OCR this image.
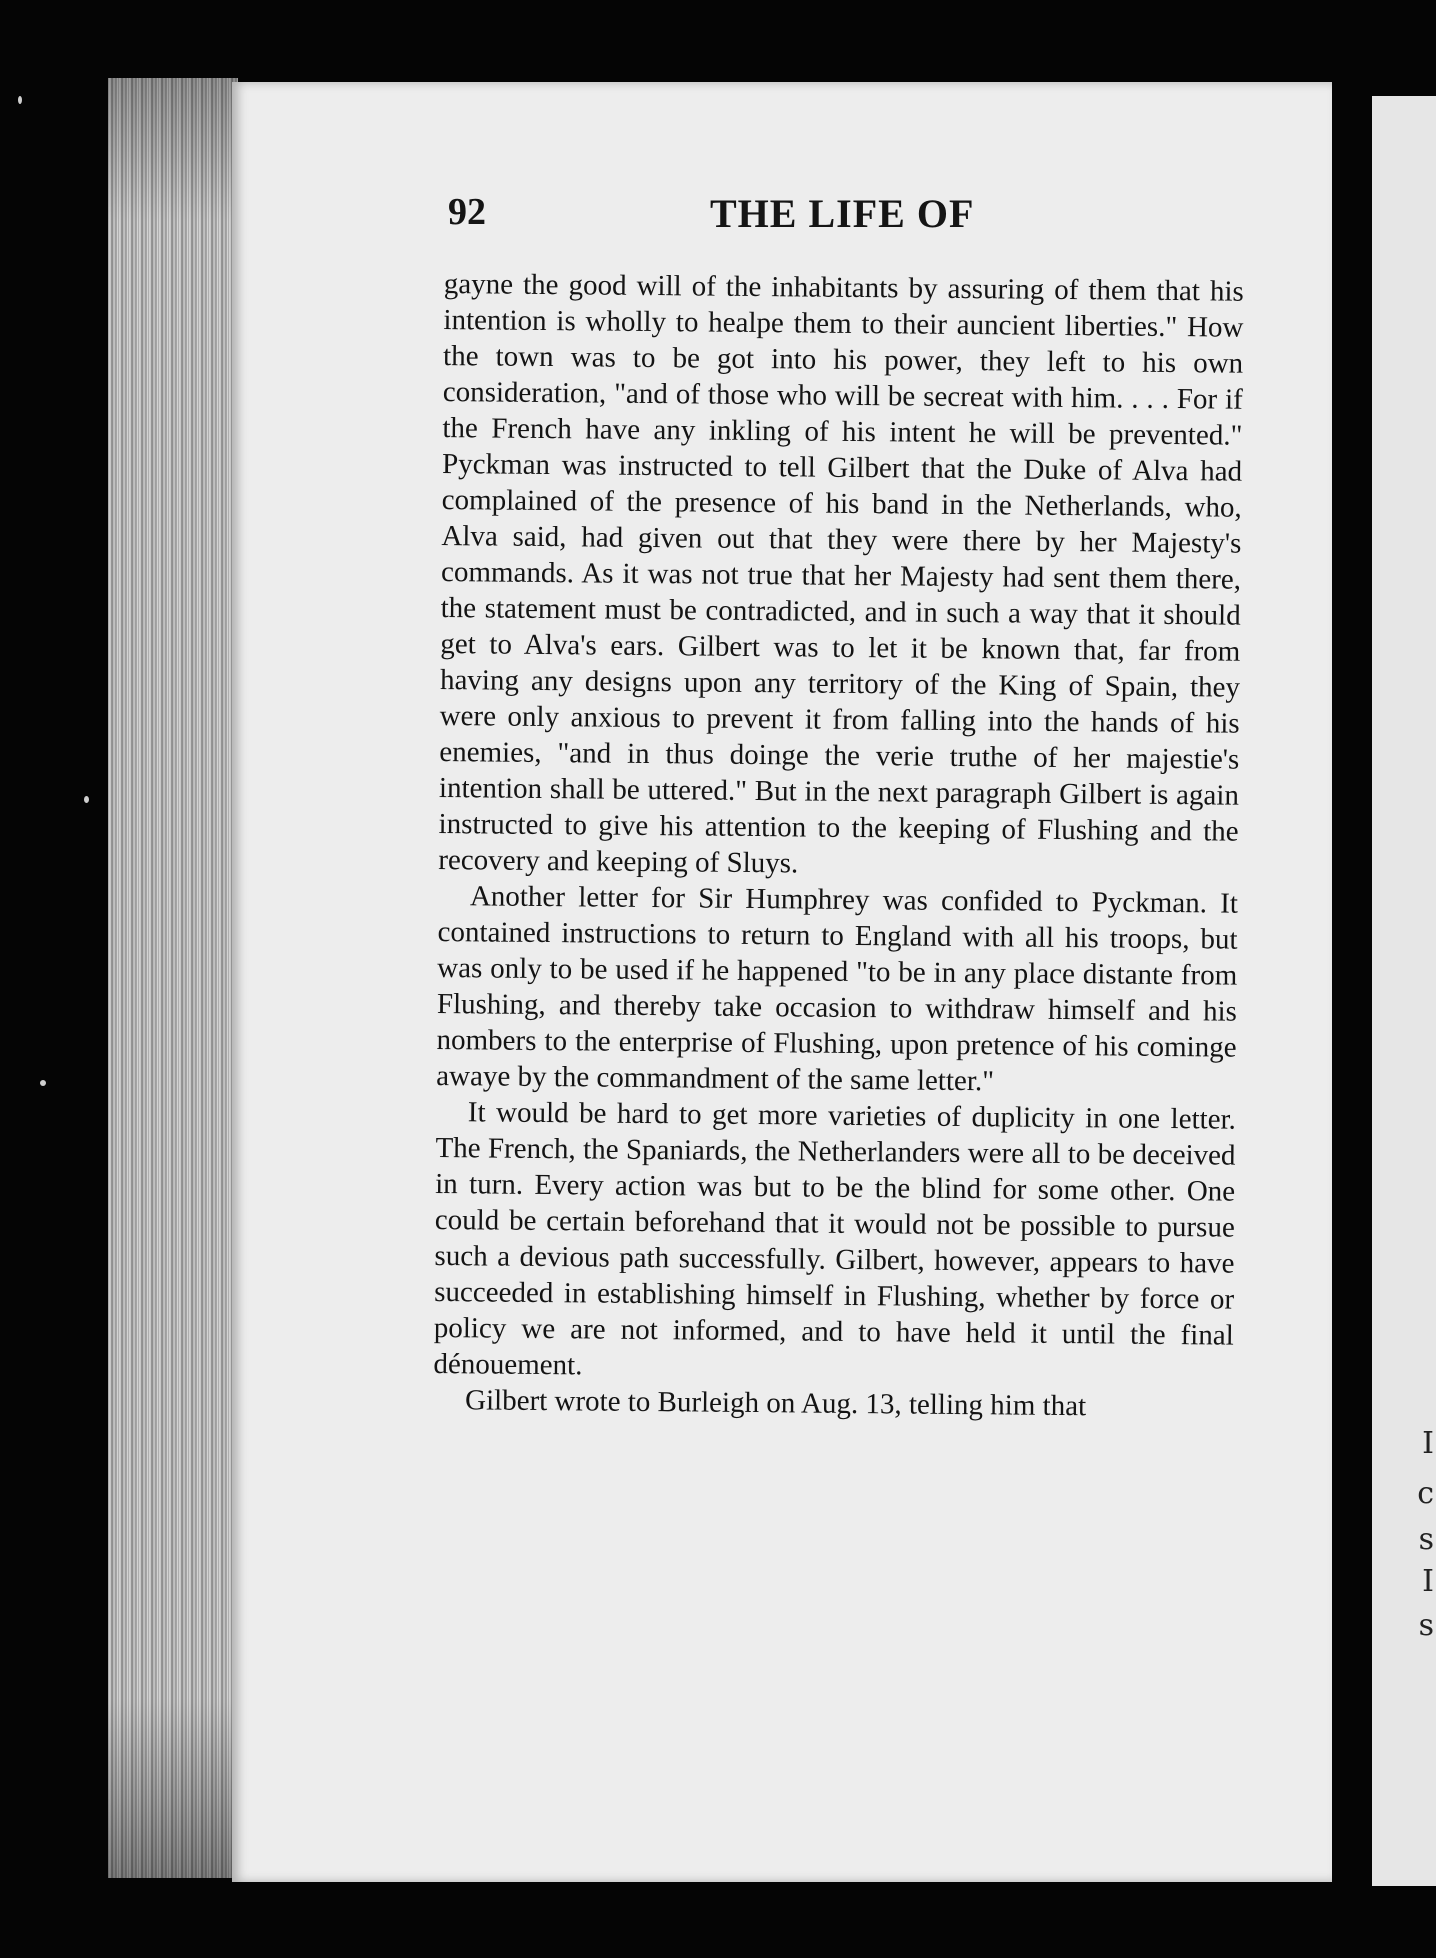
I
c
s
I
s
92	THE LIFE OF

gayne the good will of the inhabitants by assuring of them that his intention is wholly to healpe them to their auncient liberties." How the town was to be got into his power, they left to his own consideration, "and of those who will be secreat with him. . . . For if the French have any inkling of his intent he will be prevented." Pyckman was instructed to tell Gilbert that the Duke of Alva had complained of the presence of his band in the Netherlands, who, Alva said, had given out that they were there by her Majesty's commands. As it was not true that her Majesty had sent them there, the statement must be contradicted, and in such a way that it should get to Alva's ears. Gilbert was to let it be known that, far from having any designs upon any territory of the King of Spain, they were only anxious to prevent it from falling into the hands of his enemies, "and in thus doinge the verie truthe of her majestie's intention shall be uttered." But in the next paragraph Gilbert is again instructed to give his attention to the keeping of Flushing and the recovery and keeping of Sluys.

Another letter for Sir Humphrey was confided to Pyckman. It contained instructions to return to England with all his troops, but was only to be used if he happened "to be in any place distante from Flushing, and thereby take occasion to withdraw himself and his nombers to the enterprise of Flushing, upon pretence of his cominge awaye by the commandment of the same letter."

It would be hard to get more varieties of duplicity in one letter. The French, the Spaniards, the Netherlanders were all to be deceived in turn. Every action was but to be the blind for some other. One could be certain beforehand that it would not be possible to pursue such a devious path successfully. Gilbert, however, appears to have succeeded in establishing himself in Flushing, whether by force or policy we are not informed, and to have held it until the final dénouement.

Gilbert wrote to Burleigh on Aug. 13, telling him that
